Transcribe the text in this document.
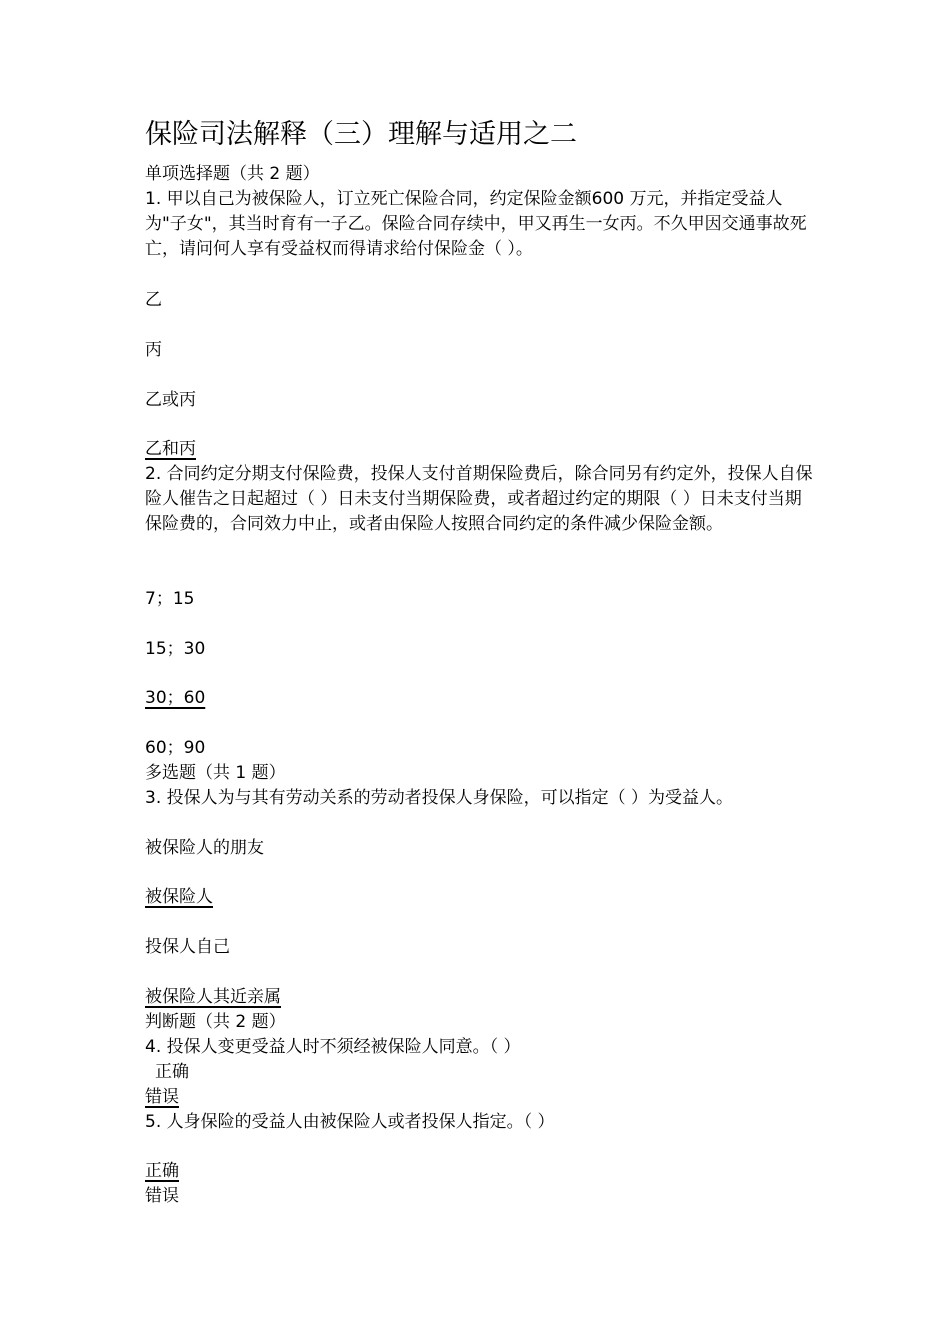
保险司法解释（三）理解与适用之二

单项选择题（共 2 题）

1. 甲以自己为被保险人，订立死亡保险合同，约定保险金额600 万元，并指定受益人为"子女"，其当时育有一子乙。保险合同存续中，甲又再生一女丙。不久甲因交通事故死亡，请问何人享有受益权而得请求给付保险金（ ）。

乙

丙

乙或丙

乙和丙

2. 合同约定分期支付保险费，投保人支付首期保险费后，除合同另有约定外，投保人自保险人催告之日起超过（ ）日未支付当期保险费，或者超过约定的期限（ ）日未支付当期保险费的，合同效力中止，或者由保险人按照合同约定的条件减少保险金额。

7；15

15；30

30；60

60；90

多选题（共 1 题）

3. 投保人为与其有劳动关系的劳动者投保人身保险，可以指定（ ）为受益人。

被保险人的朋友

被保险人

投保人自己

被保险人其近亲属

判断题（共 2 题）

4. 投保人变更受益人时不须经被保险人同意。（ ）

正确

错误

5. 人身保险的受益人由被保险人或者投保人指定。（ ）

正确

错误
